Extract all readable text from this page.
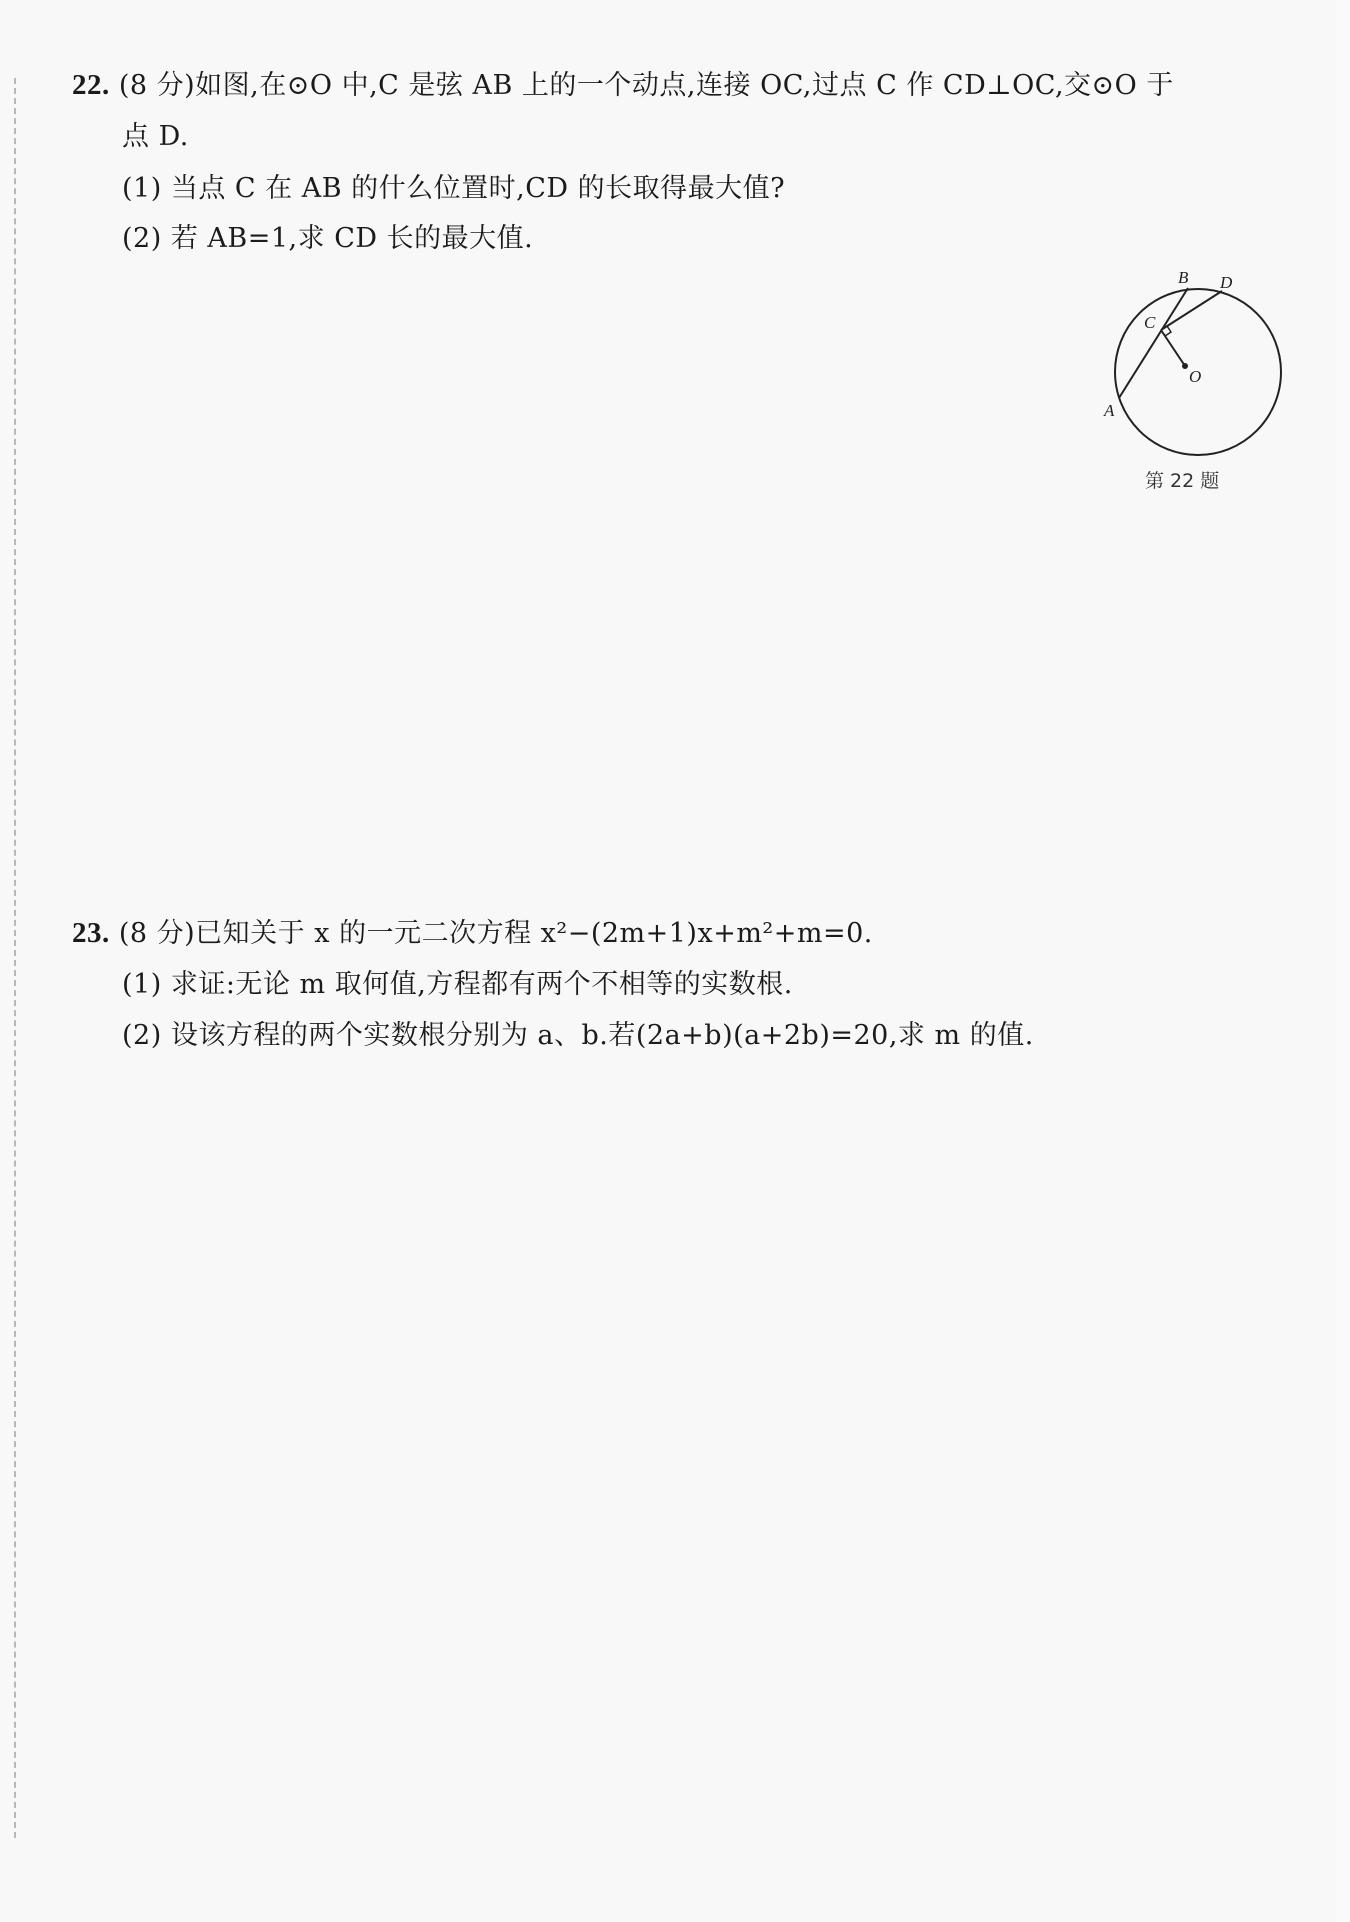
22. (8 分)如图,在⊙O 中,C 是弦 AB 上的一个动点,连接 OC,过点 C 作 CD⊥OC,交⊙O 于
点 D.
(1) 当点 C 在 AB 的什么位置时,CD 的长取得最大值?
(2) 若 AB=1,求 CD 长的最大值.
A
B
C
D
O
第 22 题
23. (8 分)已知关于 x 的一元二次方程 x²−(2m+1)x+m²+m=0.
(1) 求证:无论 m 取何值,方程都有两个不相等的实数根.
(2) 设该方程的两个实数根分别为 a、b.若(2a+b)(a+2b)=20,求 m 的值.
